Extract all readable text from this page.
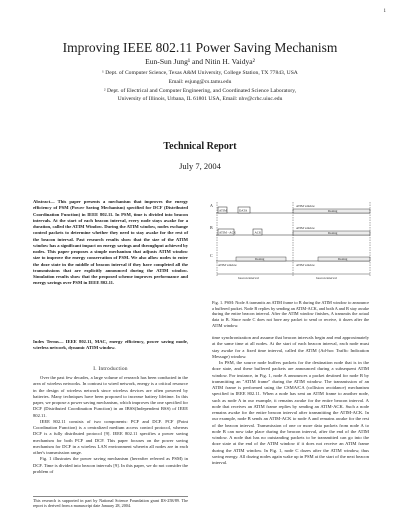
1
Improving IEEE 802.11 Power Saving Mechanism
Eun-Sun Jung¹ and Nitin H. Vaidya²
¹ Dept. of Computer Science, Texas A&M University, College Station, TX 77843, USA
Email: esjung@cs.tamu.edu
² Dept. of Electrical and Computer Engineering, and Coordinated Science Laboratory,
University of Illinois, Urbana, IL 61801 USA, Email: nhv@crhc.uiuc.edu
Technical Report
July 7, 2004

Abstract— This paper presents a mechanism that improves the energy efficiency of PSM (Power Saving Mechanism) specified for DCF (Distributed Coordination Function) in IEEE 802.11. In PSM, time is divided into beacon intervals. At the start of each beacon interval, every node stays awake for a duration, called the ATIM Window. During the ATIM window, nodes exchange control packets to determine whether they need to stay awake for the rest of the beacon interval. Past research results show that the size of the ATIM window has a significant impact on energy savings and throughput achieved by nodes. This paper proposes a simple mechanism that adjusts ATIM window size to improve the energy conservation of PSM. We also allow nodes to enter the doze state in the middle of beacon interval if they have completed all the transmissions that are explicitly announced during the ATIM window. Simulation results show that the proposed scheme improves performance and energy savings over PSM in IEEE 802.11.

Index Terms— IEEE 802.11, MAC, energy efficiency, power saving mode, wireless network, dynamic ATIM window.

I. Introduction

Over the past few decades, a large volume of research has been conducted in the area of wireless networks. In contrast to wired network, energy is a critical resource in the design of wireless network since wireless devices are often powered by batteries. Many techniques have been proposed to increase battery lifetime. In this paper, we propose a power saving mechanism, which improves the one specified for DCF (Distributed Coordination Function) in an IBSS(Independent BSS) of IEEE 802.11.

IEEE 802.11 consists of two components: PCF and DCF. PCF (Point Coordination Function) is a centralized medium access control protocol, whereas DCF is a fully distributed protocol [9]. IEEE 802.11 specifies a power saving mechanism for both PCF and DCF. This paper focuses on the power saving mechanism for DCF in a wireless LAN environment wherein all nodes are in each other's transmission range.

Fig. 1 illustrates the power saving mechanism (hereafter referred as PSM) in DCF. Time is divided into beacon intervals [9]. In this paper, we do not consider the problem of

This research is supported in part by National Science Foundation grant IIS-258/89. The report is derived from a manuscript date January 28, 2004.
A
B
C
ATIM	DATA	Dozing
ATIM window
ATIM - ACK	ACK	Dozing
ATIM window
Dozing	Dozing
ATIM window	ATIM window
beacon interval	beacon interval

Fig. 1. PSM: Node A transmits an ATIM frame to B during the ATIM window to announce a buffered packet. Node B replies by sending an ATIM-ACK, and both A and B stay awake during the entire beacon interval. After the ATIM window finishes, A transmits the actual data to B. Since node C does not have any packet to send or receive, it dozes after the ATIM window.

time synchronization and assume that beacon intervals begin and end approximately at the same time at all nodes. At the start of each beacon interval, each node must stay awake for a fixed time interval, called the ATIM (Ad-hoc Traffic Indication Message) window.

In PSM, the source node buffers packets for the destination node that is in the doze state, and these buffered packets are announced during a subsequent ATIM window. For instance, in Fig. 1, node A announces a packet destined for node B by transmitting an "ATIM frame" during the ATIM window. The transmission of an ATIM frame is performed using the CSMA/CA (collision avoidance) mechanism specified in IEEE 802.11. When a node has sent an ATIM frame to another node, such as node A in our example, it remains awake for the entire beacon interval. A node that receives an ATIM frame replies by sending an ATIM-ACK. Such a node remains awake for the entire beacon interval after transmitting the ATIM-ACK. In our example, node B sends an ATIM-ACK to node A and remains awake for the rest of the beacon interval. Transmission of one or more data packets from node A to node B can now take place during the beacon interval, after the end of the ATIM window. A node that has no outstanding packets to be transmitted can go into the doze state at the end of the ATIM window if it does not receive an ATIM frame during the ATIM window. In Fig. 1, node C dozes after the ATIM window, thus saving energy. All dozing nodes again wake up in PSM at the start of the next beacon interval.
